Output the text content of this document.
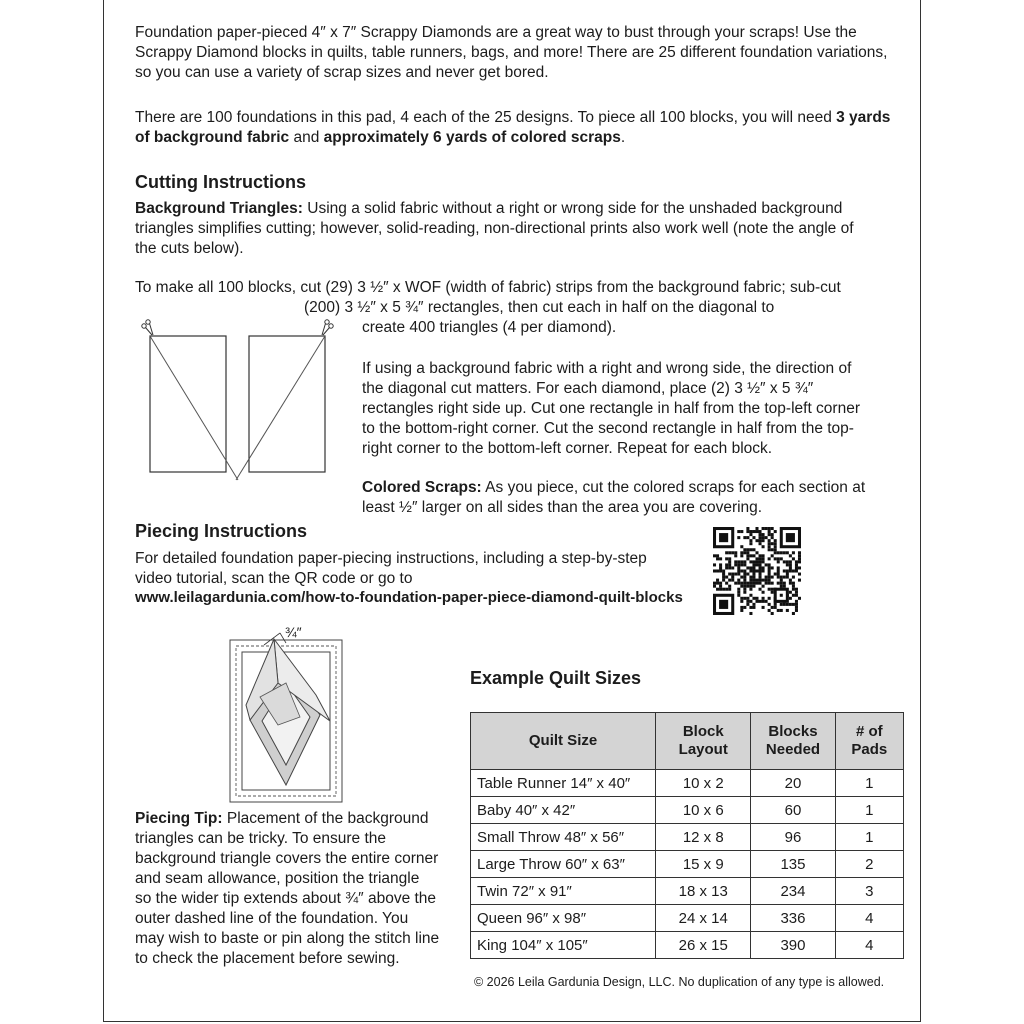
Foundation paper-pieced 4″ x 7″ Scrappy Diamonds are a great way to bust through your scraps! Use the Scrappy Diamond blocks in quilts, table runners, bags, and more! There are 25 different foundation variations, so you can use a variety of scrap sizes and never get bored.

There are 100 foundations in this pad, 4 each of the 25 designs. To piece all 100 blocks, you will need 3 yards of background fabric and approximately 6 yards of colored scraps.

Cutting Instructions

Background Triangles: Using a solid fabric without a right or wrong side for the unshaded background triangles simplifies cutting; however, solid-reading, non-directional prints also work well (note the angle of the cuts below).

To make all 100 blocks, cut (29) 3 ½″ x WOF (width of fabric) strips from the background fabric; sub-cut
(200) 3 ½″ x 5 ¾″ rectangles, then cut each in half on the diagonal to
create 400 triangles (4 per diamond).

If using a background fabric with a right and wrong side, the direction of the diagonal cut matters. For each diamond, place (2) 3 ½″ x 5 ¾″ rectangles right side up. Cut one rectangle in half from the top-left corner to the bottom-right corner. Cut the second rectangle in half from the top-right corner to the bottom-left corner. Repeat for each block.

Colored Scraps: As you piece, cut the colored scraps for each section at least ½″ larger on all sides than the area you are covering.

Piecing Instructions

For detailed foundation paper-piecing instructions, including a step-by-step video tutorial, scan the QR code or go to

www.leilagardunia.com/how-to-foundation-paper-piece-diamond-quilt-blocks
¾″

Piecing Tip: Placement of the background triangles can be tricky. To ensure the background triangle covers the entire corner and seam allowance, position the triangle so the wider tip extends about ¾″ above the outer dashed line of the foundation. You may wish to baste or pin along the stitch line to check the placement before sewing.

Example Quilt Sizes
Quilt Size	Block Layout	Blocks Needed	# of Pads
Table Runner 14″ x 40″	10 x 2	20	1
Baby 40″ x 42″	10 x 6	60	1
Small Throw 48″ x 56″	12 x 8	96	1
Large Throw 60″ x 63″	15 x 9	135	2
Twin 72″ x 91″	18 x 13	234	3
Queen 96″ x 98″	24 x 14	336	4
King 104″ x 105″	26 x 15	390	4
© 2026 Leila Gardunia Design, LLC. No duplication of any type is allowed.
